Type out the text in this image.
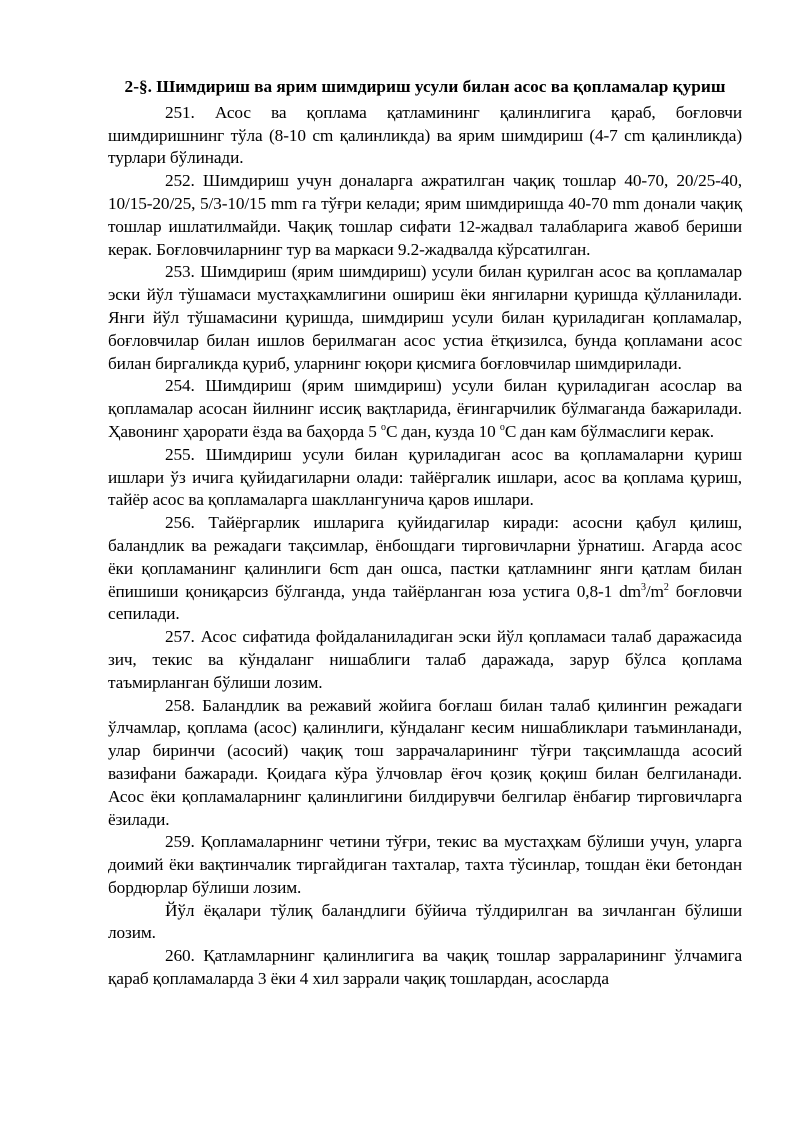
2-§. Шимдириш ва ярим шимдириш усули билан асос ва қопламалар қуриш

251. Асос ва қоплама қатламининг қалинлигига қараб, боғловчи шимдиришнинг тўла (8-10 cm қалинликда) ва ярим шимдириш (4-7 cm қалинликда) турлари бўлинади.

252. Шимдириш учун доналарга ажратилган чақиқ тошлар 40-70, 20/25-40, 10/15-20/25, 5/3-10/15 mm га тўғри келади; ярим шимдиришда 40-70 mm донали чақиқ тошлар ишлатилмайди. Чақиқ тошлар сифати 12-жадвал талабларига жавоб бериши керак. Боғловчиларнинг тур ва маркаси 9.2-жадвалда кўрсатилган.

253. Шимдириш (ярим шимдириш) усули билан қурилган асос ва қопламалар эски йўл тўшамаси мустаҳкамлигини ошириш ёки янгиларни қуришда қўлланилади. Янги йўл тўшамасини қуришда, шимдириш усули билан қуриладиган қопламалар, боғловчилар билан ишлов берилмаган асос устиа ётқизилса, бунда қопламани асос билан биргаликда қуриб, уларнинг юқори қисмига боғловчилар шимдирилади.

254. Шимдириш (ярим шимдириш) усули билан қуриладиган асослар ва қопламалар асосан йилнинг иссиқ вақтларида, ёғингарчилик бўлмаганда бажарилади. Ҳавонинг ҳарорати ёзда ва баҳорда 5 $^o$C дан, кузда 10 $^o$C дан кам бўлмаслиги керак.

255. Шимдириш усули билан қуриладиган асос ва қопламаларни қуриш ишлари ўз ичига қуйидагиларни олади: тайёргалик ишлари, асос ва қоплама қуриш, тайёр асос ва қопламаларга шакллангунича қаров ишлари.

256. Тайёргарлик ишларига қуйидагилар киради: асосни қабул қилиш, баландлик ва режадаги тақсимлар, ёнбошдаги тирговичларни ўрнатиш. Агарда асос ёки қопламанинг қалинлиги 6cm дан ошса, пастки қатламнинг янги қатлам билан ёпишиши қониқарсиз бўлганда, унда тайёрланган юза устига 0,8-1 $dm^3/m^2$ боғловчи сепилади.

257. Асос сифатида фойдаланиладиган эски йўл қопламаси талаб даражасида зич, текис ва кўндаланг нишаблиги талаб даражада, зарур бўлса қоплама таъмирланган бўлиши лозим.

258. Баландлик ва режавий жойига боғлаш билан талаб қилингин режадаги ўлчамлар, қоплама (асос) қалинлиги, кўндаланг кесим нишабликлари таъминланади, улар биринчи (асосий) чақиқ тош заррачаларининг тўғри тақсимлашда асосий вазифани бажаради. Қоидага кўра ўлчовлар ёғоч қозиқ қоқиш билан белгиланади. Асос ёки қопламаларнинг қалинлигини билдирувчи белгилар ёнбағир тирговичларга ёзилади.

259. Қопламаларнинг четини тўғри, текис ва мустаҳкам бўлиши учун, уларга доимий ёки вақтинчалик тиргайдиган тахталар, тахта тўсинлар, тошдан ёки бетондан бордюрлар бўлиши лозим.

Йўл ёқалари тўлиқ баландлиги бўйича тўлдирилган ва зичланган бўлиши лозим.

260. Қатламларнинг қалинлигига ва чақиқ тошлар зарраларининг ўлчамига қараб қопламаларда 3 ёки 4 хил заррали чақиқ тошлардан, асосларда
